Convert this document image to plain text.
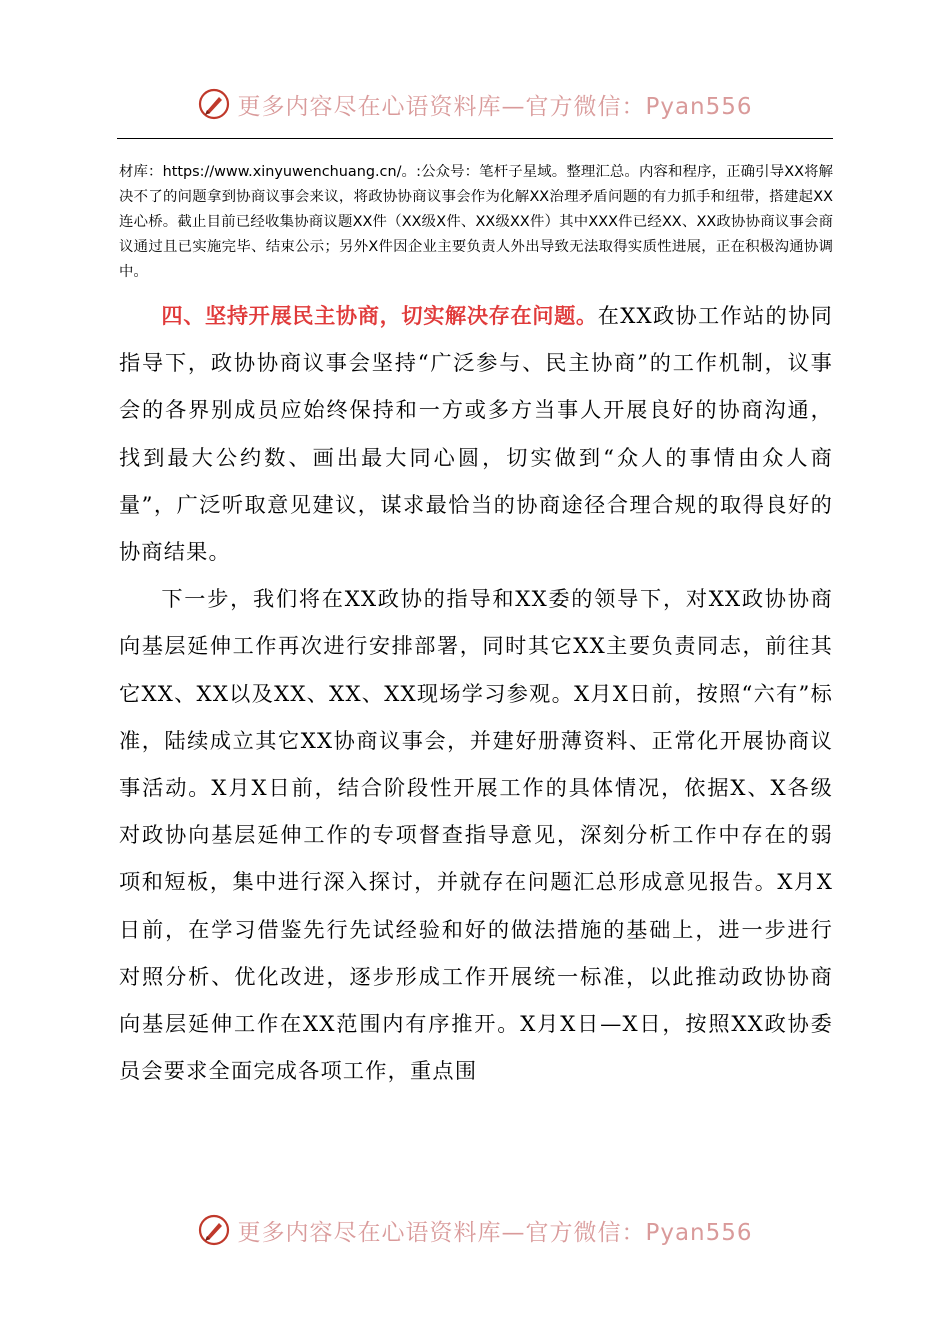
更多内容尽在心语资料库—官方微信：Pyan556
材库：https://www.xinyuwenchuang.cn/。:公众号：笔杆子星域。整理汇总。内容和程序，正确引导XX将解决不了的问题拿到协商议事会来议，将政协协商议事会作为化解XX治理矛盾问题的有力抓手和纽带，搭建起XX连心桥。截止目前已经收集协商议题XX件（XX级X件、XX级XX件）其中XXX件已经XX、XX政协协商议事会商议通过且已实施完毕、结束公示；另外X件因企业主要负责人外出导致无法取得实质性进展，正在积极沟通协调中。

四、坚持开展民主协商，切实解决存在问题。在XX政协工作站的协同指导下，政协协商议事会坚持“广泛参与、民主协商”的工作机制，议事会的各界别成员应始终保持和一方或多方当事人开展良好的协商沟通，找到最大公约数、画出最大同心圆，切实做到“众人的事情由众人商量”，广泛听取意见建议，谋求最恰当的协商途径合理合规的取得良好的协商结果。

下一步，我们将在XX政协的指导和XX委的领导下，对XX政协协商向基层延伸工作再次进行安排部署，同时其它XX主要负责同志，前往其它XX、XX以及XX、XX、XX现场学习参观。X月X日前，按照“六有”标准，陆续成立其它XX协商议事会，并建好册薄资料、正常化开展协商议事活动。X月X日前，结合阶段性开展工作的具体情况，依据X、X各级对政协向基层延伸工作的专项督查指导意见，深刻分析工作中存在的弱项和短板，集中进行深入探讨，并就存在问题汇总形成意见报告。X月X日前，在学习借鉴先行先试经验和好的做法措施的基础上，进一步进行对照分析、优化改进，逐步形成工作开展统一标准，以此推动政协协商向基层延伸工作在XX范围内有序推开。X月X日—X日，按照XX政协委员会要求全面完成各项工作，重点围

更多内容尽在心语资料库—官方微信：Pyan556
